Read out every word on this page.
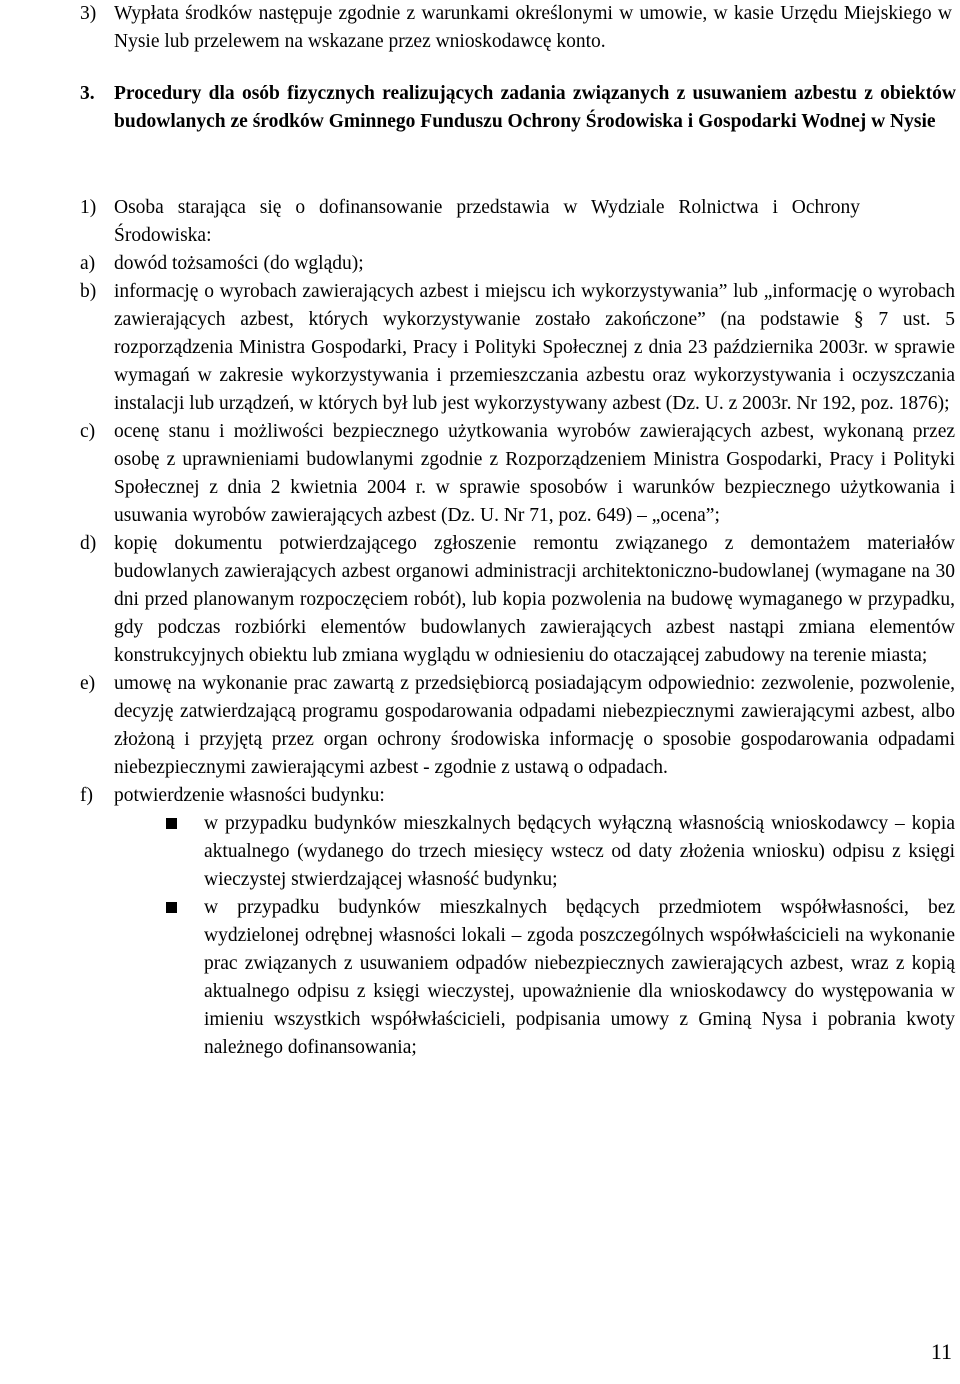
3) Wypłata środków następuje zgodnie z warunkami określonymi w umowie, w kasie Urzędu Miejskiego w Nysie lub przelewem na wskazane przez wnioskodawcę konto.
3. Procedury dla osób fizycznych realizujących zadania związanych z usuwaniem azbestu z obiektów budowlanych ze środków Gminnego Funduszu Ochrony Środowiska i Gospodarki Wodnej w Nysie
1) Osoba starająca się o dofinansowanie przedstawia w Wydziale Rolnictwa i Ochrony Środowiska:
a) dowód tożsamości (do wglądu);
b) informację o wyrobach zawierających azbest i miejscu ich wykorzystywania” lub „informację o wyrobach zawierających azbest, których wykorzystywanie zostało zakończone” (na podstawie § 7 ust. 5 rozporządzenia Ministra Gospodarki, Pracy i Polityki Społecznej z dnia 23 października 2003r. w sprawie wymagań w zakresie wykorzystywania i przemieszczania azbestu oraz wykorzystywania i oczyszczania instalacji lub urządzeń, w których był lub jest wykorzystywany azbest (Dz. U. z 2003r. Nr 192, poz. 1876);
c) ocenę stanu i możliwości bezpiecznego użytkowania wyrobów zawierających azbest, wykonaną przez osobę z uprawnieniami budowlanymi zgodnie z Rozporządzeniem Ministra Gospodarki, Pracy i Polityki Społecznej z dnia 2 kwietnia 2004 r. w sprawie sposobów i warunków bezpiecznego użytkowania i usuwania wyrobów zawierających azbest (Dz. U. Nr 71, poz. 649) – „ocena”;
d) kopię dokumentu potwierdzającego zgłoszenie remontu związanego z demontażem materiałów budowlanych zawierających azbest organowi administracji architektoniczno-budowlanej (wymagane na 30 dni przed planowanym rozpoczęciem robót), lub kopia pozwolenia na budowę wymaganego w przypadku, gdy podczas rozbiórki elementów budowlanych zawierających azbest nastąpi zmiana elementów konstrukcyjnych obiektu lub zmiana wyglądu w odniesieniu do otaczającej zabudowy na terenie miasta;
e) umowę na wykonanie prac zawartą z przedsiębiorcą posiadającym odpowiednio: zezwolenie, pozwolenie, decyzję zatwierdzającą programu gospodarowania odpadami niebezpiecznymi zawierającymi azbest, albo złożoną i przyjętą przez organ ochrony środowiska informację o sposobie gospodarowania odpadami niebezpiecznymi zawierającymi azbest - zgodnie z ustawą o odpadach.
f)	potwierdzenie własności budynku:
w przypadku budynków mieszkalnych będących wyłączną własnością wnioskodawcy – kopia aktualnego (wydanego do trzech miesięcy wstecz od daty złożenia wniosku) odpisu z księgi wieczystej stwierdzającej własność budynku;
w przypadku budynków mieszkalnych będących przedmiotem współwłasności, bez wydzielonej odrębnej własności lokali – zgoda poszczególnych współwłaścicieli na wykonanie prac związanych z usuwaniem odpadów niebezpiecznych zawierających azbest, wraz z kopią aktualnego odpisu z księgi wieczystej, upoważnienie dla wnioskodawcy do występowania w imieniu wszystkich współwłaścicieli, podpisania umowy z Gminą Nysa i pobrania kwoty należnego dofinansowania;
11
